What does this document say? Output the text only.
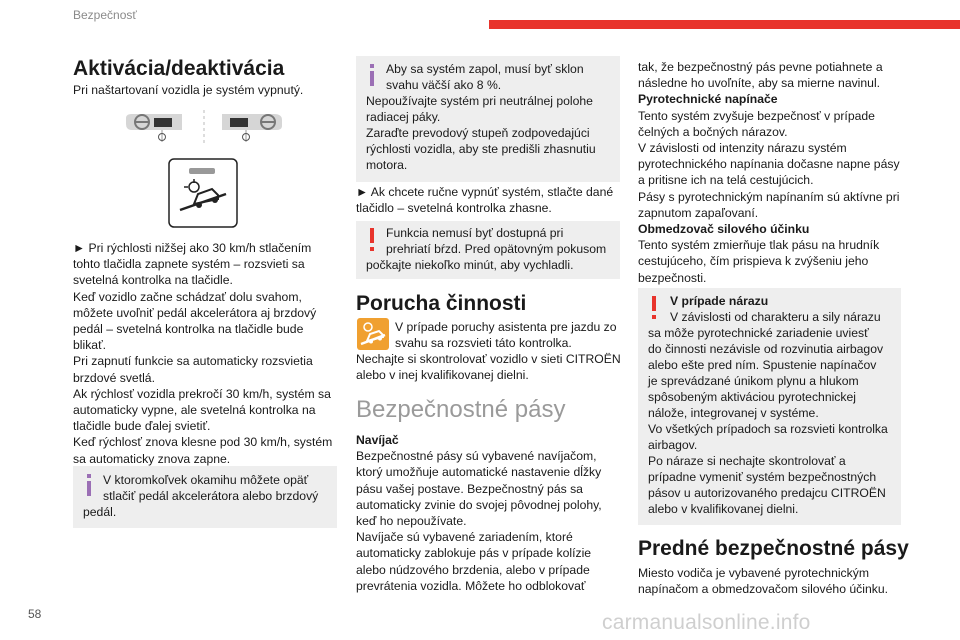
Bezpečnosť
Aktivácia/deaktivácia
Pri naštartovaní vozidla je systém vypnutý.

► Pri rýchlosti nižšej ako 30 km/h stlačením

tohto tlačidla zapnete systém – rozsvieti sa

svetelná kontrolka na tlačidle.

Keď vozidlo začne schádzať dolu svahom,

môžete uvoľniť pedál akcelerátora aj brzdový

pedál – svetelná kontrolka na tlačidle bude

blikať.

Pri zapnutí funkcie sa automaticky rozsvietia

brzdové svetlá.

Ak rýchlosť vozidla prekročí 30 km/h, systém sa

automaticky vypne, ale svetelná kontrolka na

tlačidle bude ďalej svietiť.

Keď rýchlosť znova klesne pod 30 km/h, systém

sa automaticky znova zapne.

V ktoromkoľvek okamihu môžete opäť
stlačiť pedál akcelerátora alebo brzdový
pedál.
Aby sa systém zapol, musí byť sklon
svahu väčší ako 8 %.
Nepoužívajte systém pri neutrálnej polohe
radiacej páky.
Zaraďte prevodový stupeň zodpovedajúci
rýchlosti vozidla, aby ste predišli zhasnutiu
motora.

► Ak chcete ručne vypnúť systém, stlačte dané

tlačidlo – svetelná kontrolka zhasne.

Funkcia nemusí byť dostupná pri
prehriatí bŕzd. Pred opätovným pokusom
počkajte niekoľko minút, aby vychladli.
Porucha činnosti

V prípade poruchy asistenta pre jazdu zo

svahu sa rozsvieti táto kontrolka.

Nechajte si skontrolovať vozidlo v sieti CITROËN

alebo v inej kvalifikovanej dielni.

Bezpečnostné pásy

Navíjač

Bezpečnostné pásy sú vybavené navíjačom,

ktorý umožňuje automatické nastavenie dĺžky

pásu vašej postave. Bezpečnostný pás sa

automaticky zvinie do svojej pôvodnej polohy,

keď ho nepoužívate.

Navíjače sú vybavené zariadením, ktoré

automaticky zablokuje pás v prípade kolízie

alebo núdzového brzdenia, alebo v prípade

prevrátenia vozidla. Môžete ho odblokovať

tak, že bezpečnostný pás pevne potiahnete a

následne ho uvoľníte, aby sa mierne navinul.

Pyrotechnické napínače

Tento systém zvyšuje bezpečnosť v prípade

čelných a bočných nárazov.

V závislosti od intenzity nárazu systém

pyrotechnického napínania dočasne napne pásy

a pritisne ich na telá cestujúcich.

Pásy s pyrotechnickým napínaním sú aktívne pri

zapnutom zapaľovaní.

Obmedzovač silového účinku

Tento systém zmierňuje tlak pásu na hrudník

cestujúceho, čím prispieva k zvýšeniu jeho

bezpečnosti.

V prípade nárazu
V závislosti od charakteru a sily nárazu
sa môže pyrotechnické zariadenie uviesť
do činnosti nezávisle od rozvinutia airbagov
alebo ešte pred ním. Spustenie napínačov
je sprevádzané únikom plynu a hlukom
spôsobeným aktiváciou pyrotechnickej
nálože, integrovanej v systéme.
Vo všetkých prípadoch sa rozsvieti kontrolka
airbagov.
Po náraze si nechajte skontrolovať a
prípadne vymeniť systém bezpečnostných
pásov u autorizovaného predajcu CITROËN
alebo v kvalifikovanej dielni.
Predné bezpečnostné pásy

Miesto vodiča je vybavené pyrotechnickým

napínačom a obmedzovačom silového účinku.

58	carmanualsonline.info
